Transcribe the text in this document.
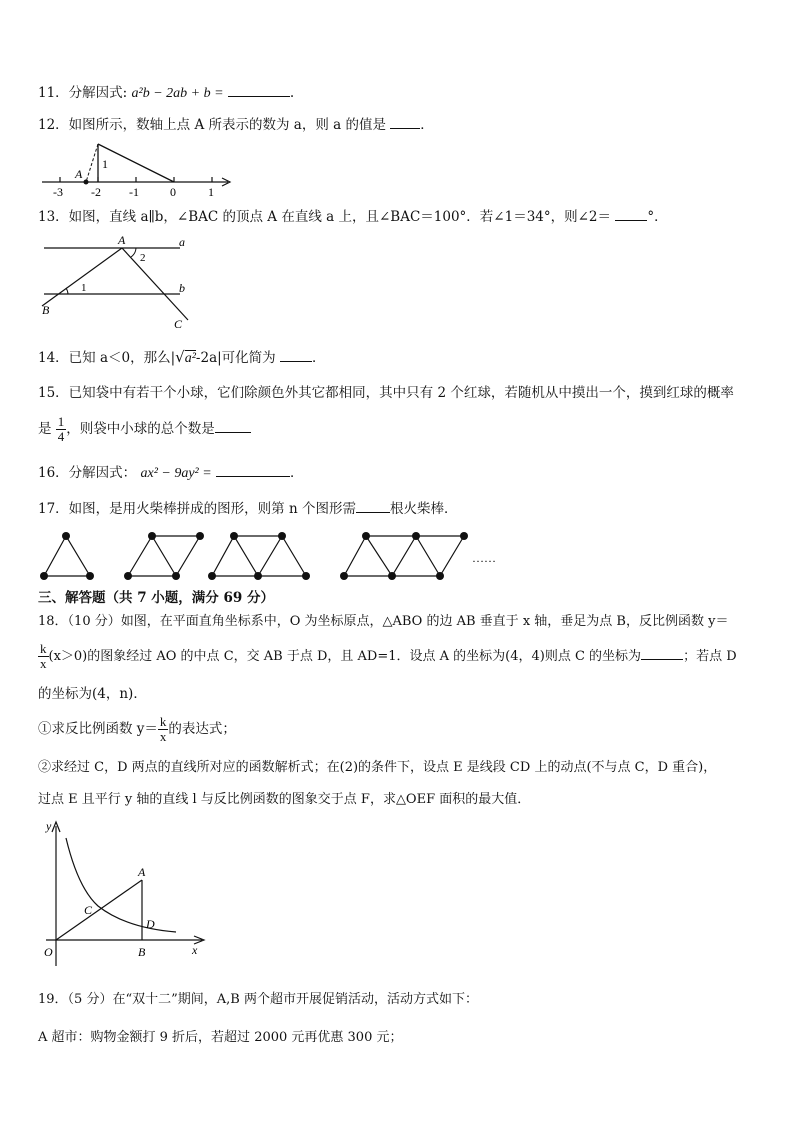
11．分解因式: a²b − 2ab + b =	.
12．如图所示，数轴上点 A 所表示的数为 a，则 a 的值是	．
1
A
-3 -2 -1	0	1
13．如图，直线 a∥b，∠BAC 的顶点 A 在直线 a 上，且∠BAC＝100°．若∠1＝34°，则∠2＝	°．
A	a
b
B
C
1
2
14．已知 a＜0，那么|√a²-2a|可化简为	．
15．已知袋中有若干个小球，它们除颜色外其它都相同，其中只有 2 个红球，若随机从中摸出一个，摸到红球的概率
是 $\frac{1}{4}$ ，则袋中小球的总个数是
16．分解因式： ax² − 9ay² =	．
17．如图，是用火柴棒拼成的图形，则第 n 个图形需	根火柴棒．
……
三、解答题（共 7 小题，满分 69 分）
18．（10 分）如图，在平面直角坐标系中，O 为坐标原点，△ABO 的边 AB 垂直于 x 轴，垂足为点 B，反比例函数 y＝
$\frac{k}{x} (x>0)$的图象经过 AO 的中点 C，交 AB 于点 D，且 AD=1．设点 A 的坐标为(4，4)则点 C 的坐标为	；若点 D
的坐标为(4，n)．
①求反比例函数 $y= \frac{k}{x}$ 的表达式；
②求经过 C，D 两点的直线所对应的函数解析式；在(2)的条件下，设点 E 是线段 CD 上的动点(不与点 C，D 重合)，
过点 E 且平行 y 轴的直线 l 与反比例函数的图象交于点 F，求△OEF 面积的最大值．
y
x
O
A
B
C
D
19．（5 分）在“双十二”期间，A,B 两个超市开展促销活动，活动方式如下：
A 超市：购物金额打 9 折后，若超过 2000 元再优惠 300 元；
